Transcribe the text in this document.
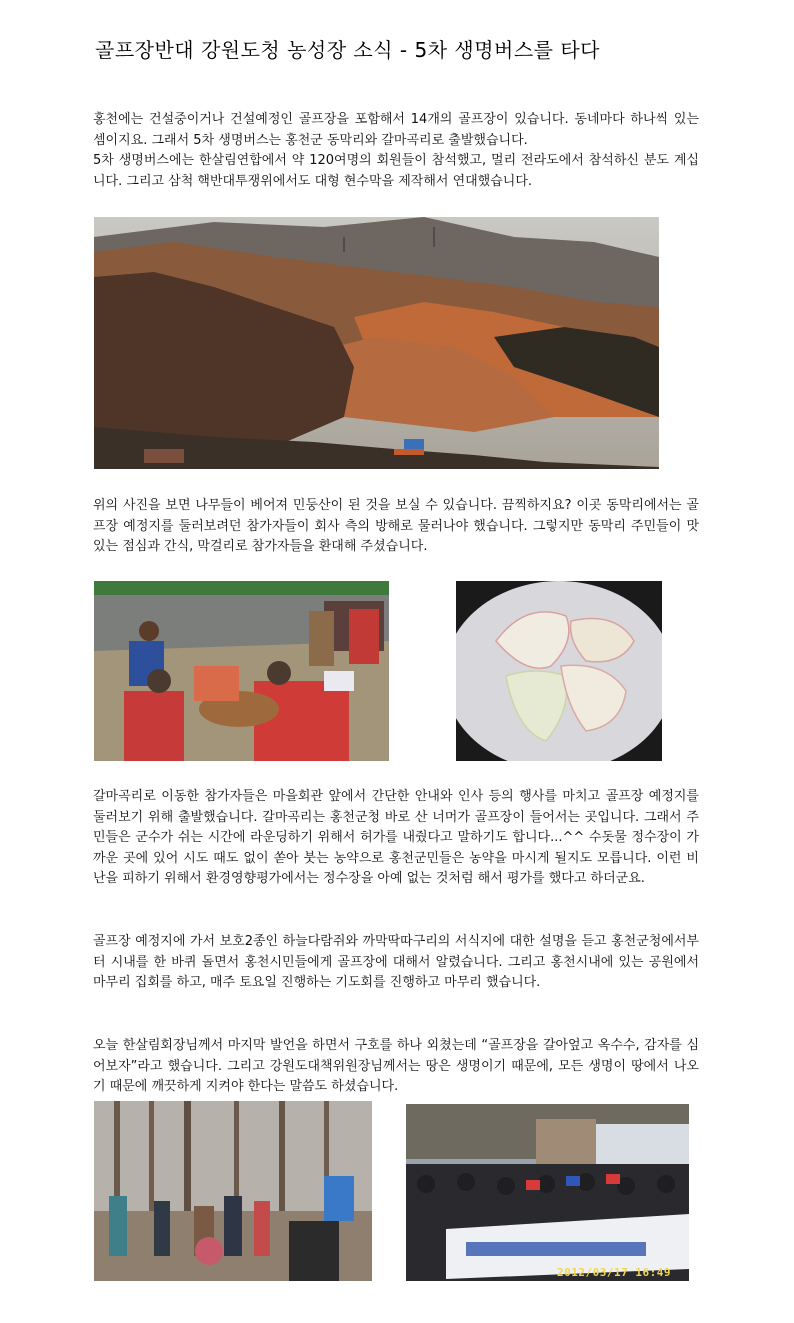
골프장반대 강원도청 농성장 소식 - 5차 생명버스를 타다
홍천에는 건설중이거나 건설예정인 골프장을 포함해서 14개의 골프장이 있습니다. 동네마다 하나씩 있는 셈이지요. 그래서 5차 생명버스는 홍천군 동막리와 갈마곡리로 출발했습니다.
5차 생명버스에는 한살림연합에서 약 120여명의 회원들이 참석했고, 멀리 전라도에서 참석하신 분도 계십니다. 그리고 삼척 핵반대투쟁위에서도 대형 현수막을 제작해서 연대했습니다.
위의 사진을 보면 나무들이 베어져 민둥산이 된 것을 보실 수 있습니다. 끔찍하지요? 이곳 동막리에서는 골프장 예정지를 둘러보려던 참가자들이 회사 측의 방해로 물러나야 했습니다. 그렇지만 동막리 주민들이 맛있는 점심과 간식, 막걸리로 참가자들을 환대해 주셨습니다.
갈마곡리로 이동한 참가자들은 마을회관 앞에서 간단한 안내와 인사 등의 행사를 마치고 골프장 예정지를 둘러보기 위해 출발했습니다. 갈마곡리는 홍천군청 바로 산 너머가 골프장이 들어서는 곳입니다. 그래서 주민들은 군수가 쉬는 시간에 라운딩하기 위해서 허가를 내줬다고 말하기도 합니다...^^ 수돗물 정수장이 가까운 곳에 있어 시도 때도 없이 쏟아 붓는 농약으로 홍천군민들은 농약을 마시게 될지도 모릅니다. 이런 비난을 피하기 위해서 환경영향평가에서는 정수장을 아예 없는 것처럼 해서 평가를 했다고 하더군요.
골프장 예정지에 가서 보호2종인 하늘다람쥐와 까막딱따구리의 서식지에 대한 설명을 듣고 홍천군청에서부터 시내를 한 바퀴 돌면서 홍천시민들에게 골프장에 대해서 알렸습니다. 그리고 홍천시내에 있는 공원에서 마무리 집회를 하고, 매주 토요일 진행하는 기도회를 진행하고 마무리 했습니다.
오늘 한살림회장님께서 마지막 발언을 하면서 구호를 하나 외쳤는데 “골프장을 갈아엎고 옥수수, 감자를 심어보자”라고 했습니다. 그리고 강원도대책위원장님께서는 땅은 생명이기 때문에, 모든 생명이 땅에서 나오기 때문에 깨끗하게 지켜야 한다는 말씀도 하셨습니다.
2012/03/17 16:49
